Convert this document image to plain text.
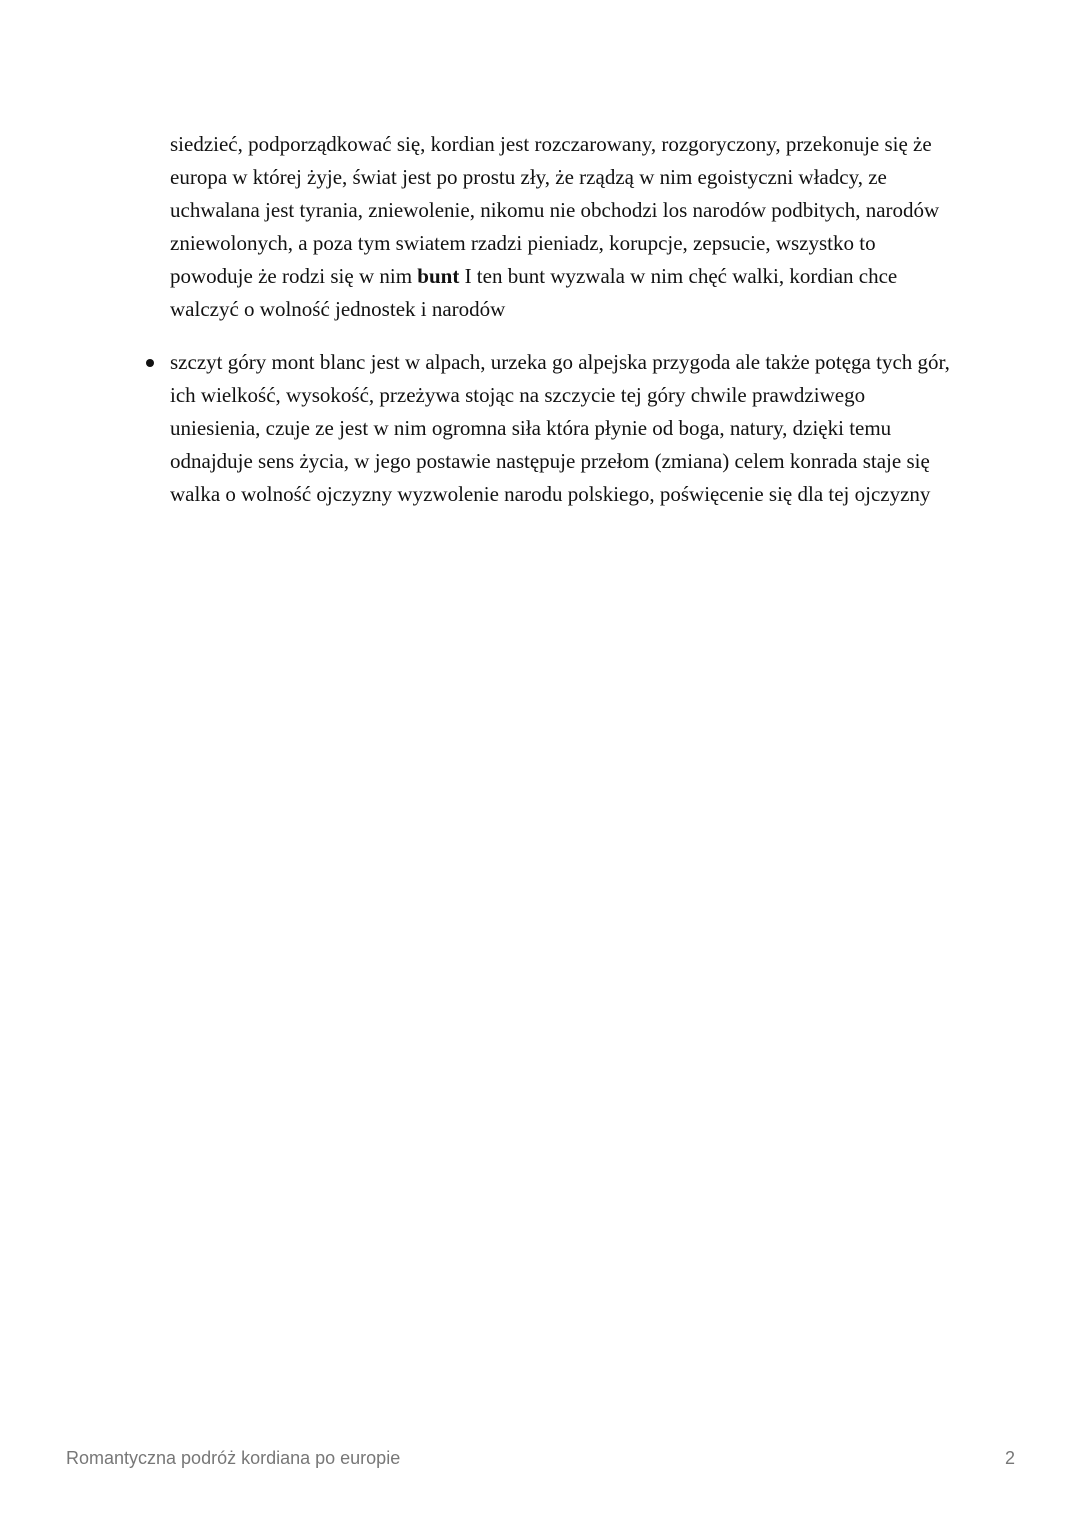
siedzieć, podporządkować się, kordian jest rozczarowany, rozgoryczony, przekonuje się że europa w której żyje, świat jest po prostu zły, że rządzą w nim egoistyczni władcy, ze uchwalana jest tyrania, zniewolenie, nikomu nie obchodzi los narodów podbitych, narodów zniewolonych, a poza tym swiatem rzadzi pieniadz, korupcje, zepsucie, wszystko to powoduje że rodzi się w nim bunt I ten bunt wyzwala w nim chęć walki, kordian chce walczyć o wolność jednostek i narodów

szczyt góry mont blanc jest w alpach, urzeka go alpejska przygoda ale także potęga tych gór, ich wielkość, wysokość, przeżywa stojąc na szczycie tej góry chwile prawdziwego uniesienia, czuje ze jest w nim ogromna siła która płynie od boga, natury, dzięki temu odnajduje sens życia, w jego postawie następuje przełom (zmiana) celem konrada staje się walka o wolność ojczyzny wyzwolenie narodu polskiego, poświęcenie się dla tej ojczyzny
Romantyczna podróż kordiana po europie	2
